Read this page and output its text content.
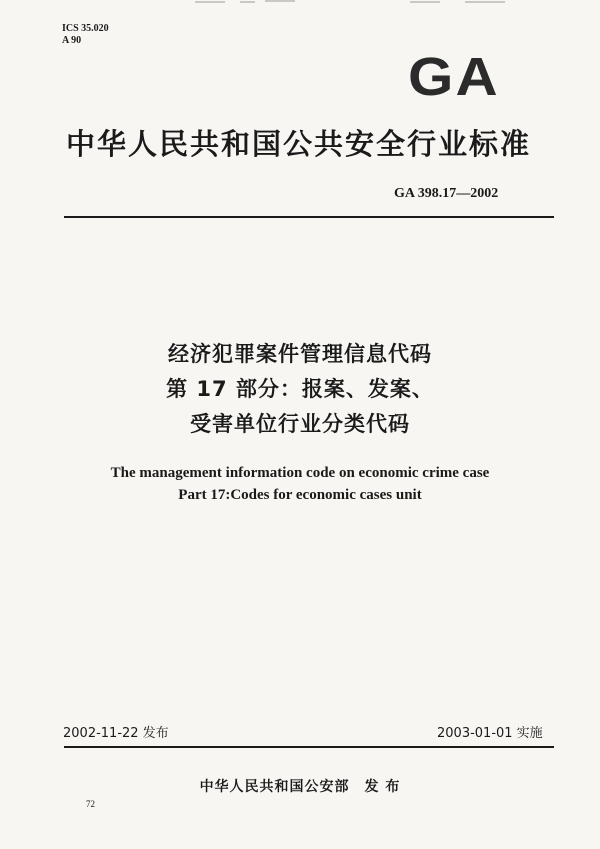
ICS 35.020
A 90
GA
中华人民共和国公共安全行业标准
GA 398.17—2002
经济犯罪案件管理信息代码
第 17 部分：报案、发案、
受害单位行业分类代码
The management information code on economic crime case
Part 17:Codes for economic cases unit
2002-11-22 发布	2003-01-01 实施
中华人民共和国公安部　发 布
72
